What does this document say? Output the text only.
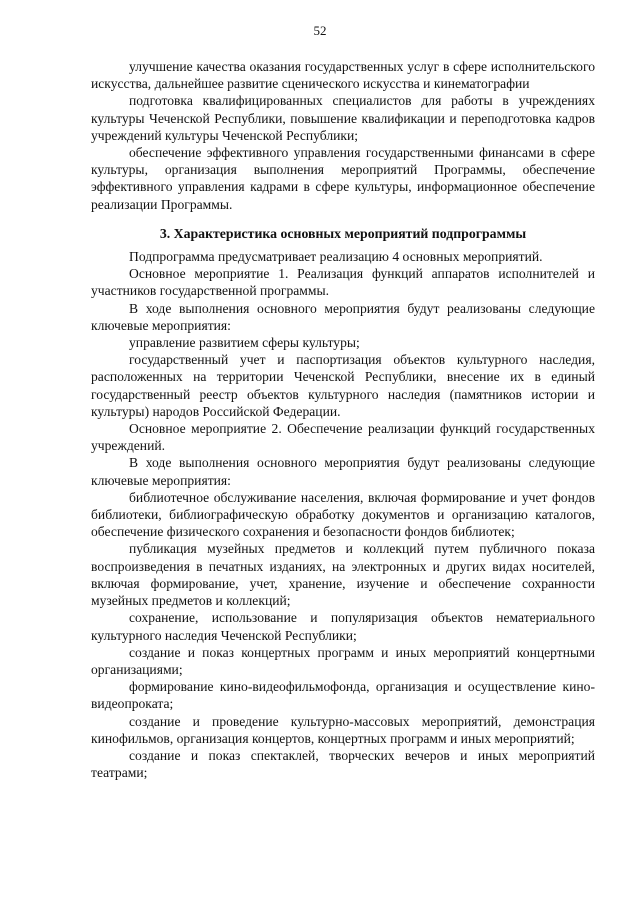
52

улучшение качества оказания государственных услуг в сфере исполнительского искусства, дальнейшее развитие сценического искусства и кинематографии

подготовка квалифицированных специалистов для работы в учреждениях культуры Чеченской Республики, повышение квалификации и переподготовка кадров учреждений культуры Чеченской Республики;

обеспечение эффективного управления государственными финансами в сфере культуры, организация выполнения мероприятий Программы, обеспечение эффективного управления кадрами в сфере культуры, информационное обеспечение реализации Программы.

3. Характеристика основных мероприятий подпрограммы

Подпрограмма предусматривает реализацию 4 основных мероприятий.

Основное мероприятие 1. Реализация функций аппаратов исполнителей и участников государственной программы.

В ходе выполнения основного мероприятия будут реализованы следующие ключевые мероприятия:

управление развитием сферы культуры;

государственный учет и паспортизация объектов культурного наследия, расположенных на территории Чеченской Республики, внесение их в единый государственный реестр объектов культурного наследия (памятников истории и культуры) народов Российской Федерации.

Основное мероприятие 2. Обеспечение реализации функций государственных учреждений.

В ходе выполнения основного мероприятия будут реализованы следующие ключевые мероприятия:

библиотечное обслуживание населения, включая формирование и учет фондов библиотеки, библиографическую обработку документов и организацию каталогов, обеспечение физического сохранения и безопасности фондов библиотек;

публикация музейных предметов и коллекций путем публичного показа воспроизведения в печатных изданиях, на электронных и других видах носителей, включая формирование, учет, хранение, изучение и обеспечение сохранности музейных предметов и коллекций;

сохранение, использование и популяризация объектов нематериального культурного наследия Чеченской Республики;

создание и показ концертных программ и иных мероприятий концертными организациями;

формирование кино-видеофильмофонда, организация и осуществление кино-видеопроката;

создание и проведение культурно-массовых мероприятий, демонстрация кинофильмов, организация концертов, концертных программ и иных мероприятий;

создание и показ спектаклей, творческих вечеров и иных мероприятий театрами;
